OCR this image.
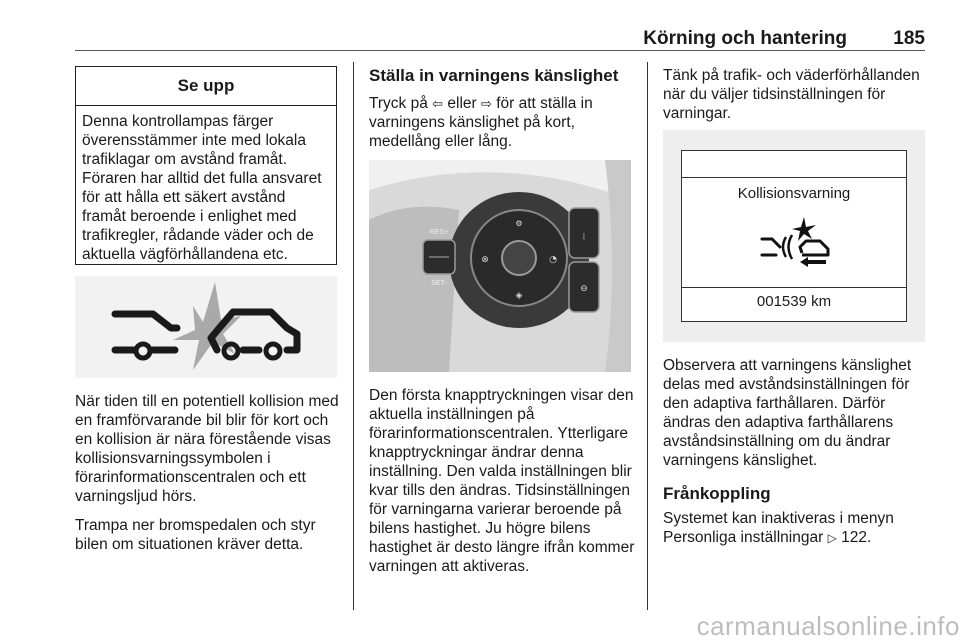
Körning och hantering 185
Se upp
Denna kontrollampas färger överensstämmer inte med lokala trafiklagar om avstånd framåt. Föraren har alltid det fulla ansvaret för att hålla ett säkert avstånd framåt beroende i enlighet med trafikregler, rådande väder och de aktuella vägförhållandena etc.

När tiden till en potentiell kollision med en framförvarande bil blir för kort och en kollision är nära förestående visas kollisionsvarningssymbolen i förarinformationscentralen och ett varningsljud hörs.

Trampa ner bromspedalen och styr bilen om situationen kräver detta.

Ställa in varningens känslighet

Tryck på ⇦ eller ⇨ för att ställa in varningens känslighet på kort, medellång eller lång.

⚙
⊗	◔
◈
RES+
SET-
⦚
⊖

Den första knapptryckningen visar den aktuella inställningen på förarinformationscentralen. Ytterligare knapptryckningar ändrar denna inställning. Den valda inställningen blir kvar tills den ändras. Tidsinställningen för varningarna varierar beroende på bilens hastighet. Ju högre bilens hastighet är desto längre ifrån kommer varningen att aktiveras.

Tänk på trafik- och väderförhållanden när du väljer tidsinställningen för varningar.

Kollisionsvarning
001539 km

Observera att varningens känslighet delas med avståndsinställningen för den adaptiva farthållaren. Därför ändras den adaptiva farthållarens avståndsinställning om du ändrar varningens känslighet.

Frånkoppling

Systemet kan inaktiveras i menyn Personliga inställningar ▷ 122.

carmanualsonline.info
